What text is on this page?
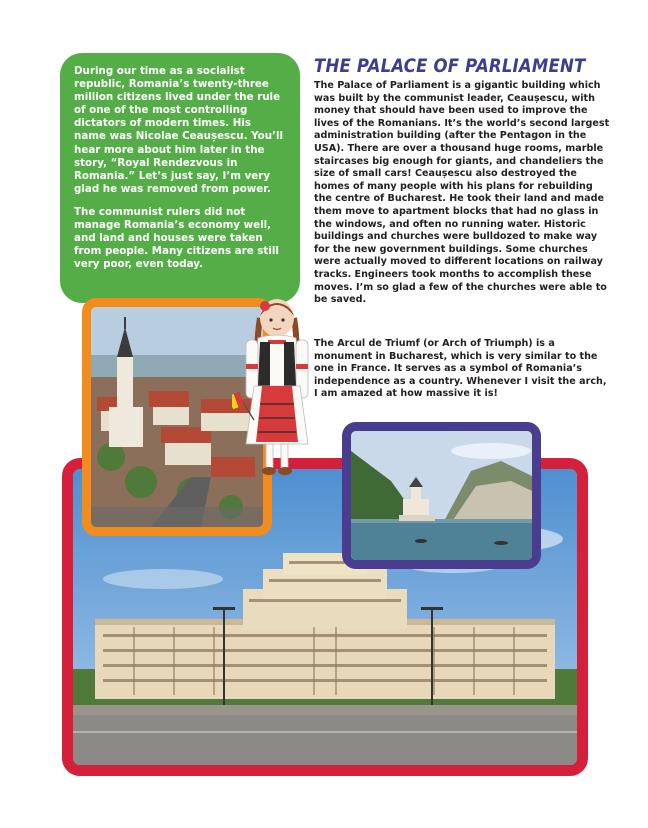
During our time as a socialist republic, Romania’s twenty-three million citizens lived under the rule of one of the most controlling dictators of modern times. His name was Nicolae Ceaușescu. You’ll hear more about him later in the story, “Royal Rendezvous in Romania.” Let’s just say, I’m very glad he was removed from power.

The communist rulers did not manage Romania’s economy well, and land and houses were taken from people. Many citizens are still very poor, even today.

THE PALACE OF PARLIAMENT

The Palace of Parliament is a gigantic building which was built by the communist leader, Ceaușescu, with money that should have been used to improve the lives of the Romanians. It’s the world’s second largest administration building (after the Pentagon in the USA). There are over a thousand huge rooms, marble staircases big enough for giants, and chandeliers the size of small cars! Ceaușescu also destroyed the homes of many people with his plans for rebuilding the centre of Bucharest. He took their land and made them move to apartment blocks that had no glass in the windows, and often no running water. Historic buildings and churches were bulldozed to make way for the new government buildings. Some churches were actually moved to different locations on railway tracks. Engineers took months to accomplish these moves. I’m so glad a few of the churches were able to be saved.

The Arcul de Triumf (or Arch of Triumph) is a monument in Bucharest, which is very similar to the one in France. It serves as a symbol of Romania’s independence as a country. Whenever I visit the arch, I am amazed at how massive it is!
